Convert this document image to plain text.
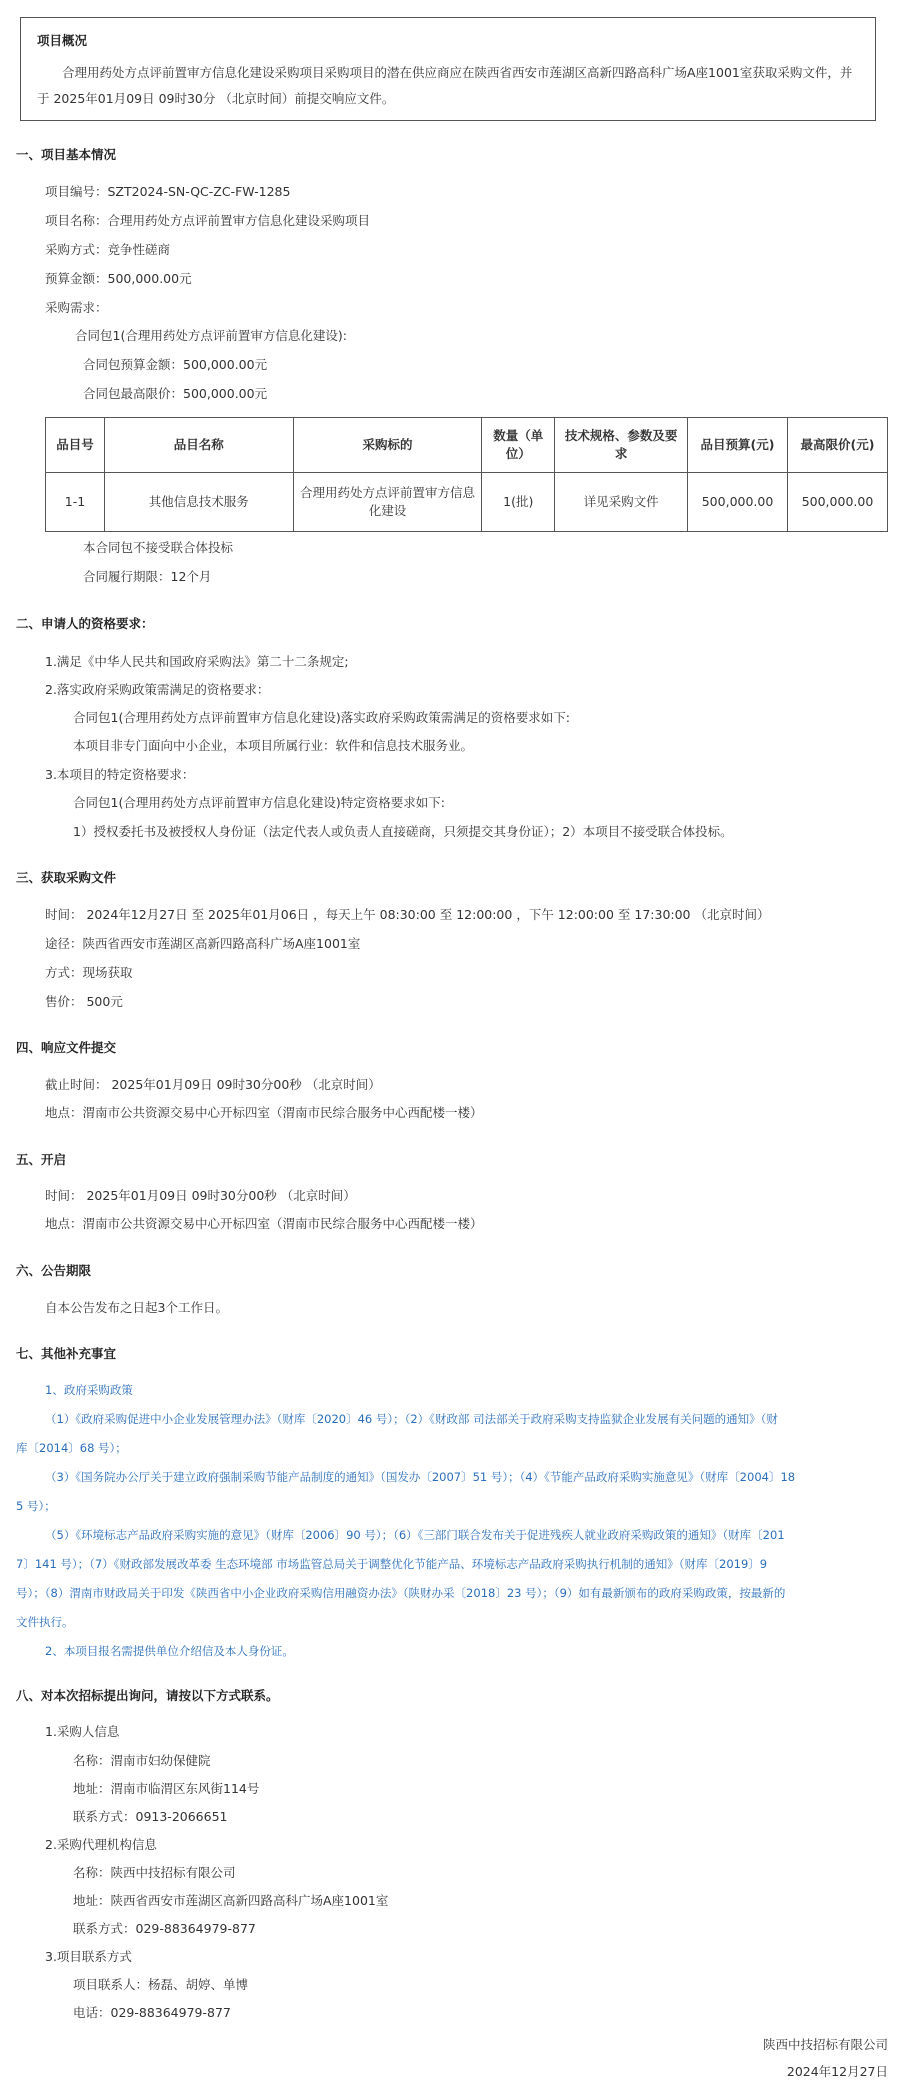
项目概况

合理用药处方点评前置审方信息化建设采购项目采购项目的潜在供应商应在陕西省西安市莲湖区高新四路高科广场A座1001室获取采购文件，并于 2025年01月09日 09时30分 （北京时间）前提交响应文件。

一、项目基本情况
项目编号：SZT2024-SN-QC-ZC-FW-1285
项目名称：合理用药处方点评前置审方信息化建设采购项目
采购方式：竞争性磋商
预算金额：500,000.00元
采购需求：
合同包1(合理用药处方点评前置审方信息化建设):
合同包预算金额：500,000.00元
合同包最高限价：500,000.00元
品目号	品目名称	采购标的	数量（单位）	技术规格、参数及要求	品目预算(元)	最高限价(元)
1-1	其他信息技术服务	合理用药处方点评前置审方信息化建设	1(批)	详见采购文件	500,000.00	500,000.00
本合同包不接受联合体投标
合同履行期限：12个月
二、申请人的资格要求：
1.满足《中华人民共和国政府采购法》第二十二条规定;
2.落实政府采购政策需满足的资格要求：
合同包1(合理用药处方点评前置审方信息化建设)落实政府采购政策需满足的资格要求如下:
本项目非专门面向中小企业，本项目所属行业：软件和信息技术服务业。
3.本项目的特定资格要求：
合同包1(合理用药处方点评前置审方信息化建设)特定资格要求如下:
1）授权委托书及被授权人身份证（法定代表人或负责人直接磋商，只须提交其身份证）；2）本项目不接受联合体投标。
三、获取采购文件
时间： 2024年12月27日 至 2025年01月06日 ，每天上午 08:30:00 至 12:00:00 ，下午 12:00:00 至 17:30:00 （北京时间）
途径：陕西省西安市莲湖区高新四路高科广场A座1001室
方式：现场获取
售价： 500元
四、响应文件提交
截止时间： 2025年01月09日 09时30分00秒 （北京时间）
地点：渭南市公共资源交易中心开标四室（渭南市民综合服务中心西配楼一楼）
五、开启
时间： 2025年01月09日 09时30分00秒 （北京时间）
地点：渭南市公共资源交易中心开标四室（渭南市民综合服务中心西配楼一楼）
六、公告期限
自本公告发布之日起3个工作日。
七、其他补充事宜
1、政府采购政策
（1）《政府采购促进中小企业发展管理办法》（财库〔2020〕46 号）；（2）《财政部 司法部关于政府采购支持监狱企业发展有关问题的通知》（财
库〔2014〕68 号）；
（3）《国务院办公厅关于建立政府强制采购节能产品制度的通知》（国发办〔2007〕51 号）；（4）《节能产品政府采购实施意见》（财库〔2004〕18
5 号）；
（5）《环境标志产品政府采购实施的意见》（财库〔2006〕90 号）；（6）《三部门联合发布关于促进残疾人就业政府采购政策的通知》（财库〔201
7〕141 号）；（7）《财政部发展改革委 生态环境部 市场监管总局关于调整优化节能产品、环境标志产品政府采购执行机制的通知》（财库〔2019〕9
号）；（8）渭南市财政局关于印发《陕西省中小企业政府采购信用融资办法》（陕财办采〔2018〕23 号）；（9）如有最新颁布的政府采购政策，按最新的
文件执行。
2、本项目报名需提供单位介绍信及本人身份证。
八、对本次招标提出询问，请按以下方式联系。
1.采购人信息
名称：渭南市妇幼保健院
地址：渭南市临渭区东风街114号
联系方式：0913-2066651
2.采购代理机构信息
名称：陕西中技招标有限公司
地址：陕西省西安市莲湖区高新四路高科广场A座1001室
联系方式：029-88364979-877
3.项目联系方式
项目联系人：杨磊、胡婷、单博
电话：029-88364979-877
陕西中技招标有限公司
2024年12月27日
